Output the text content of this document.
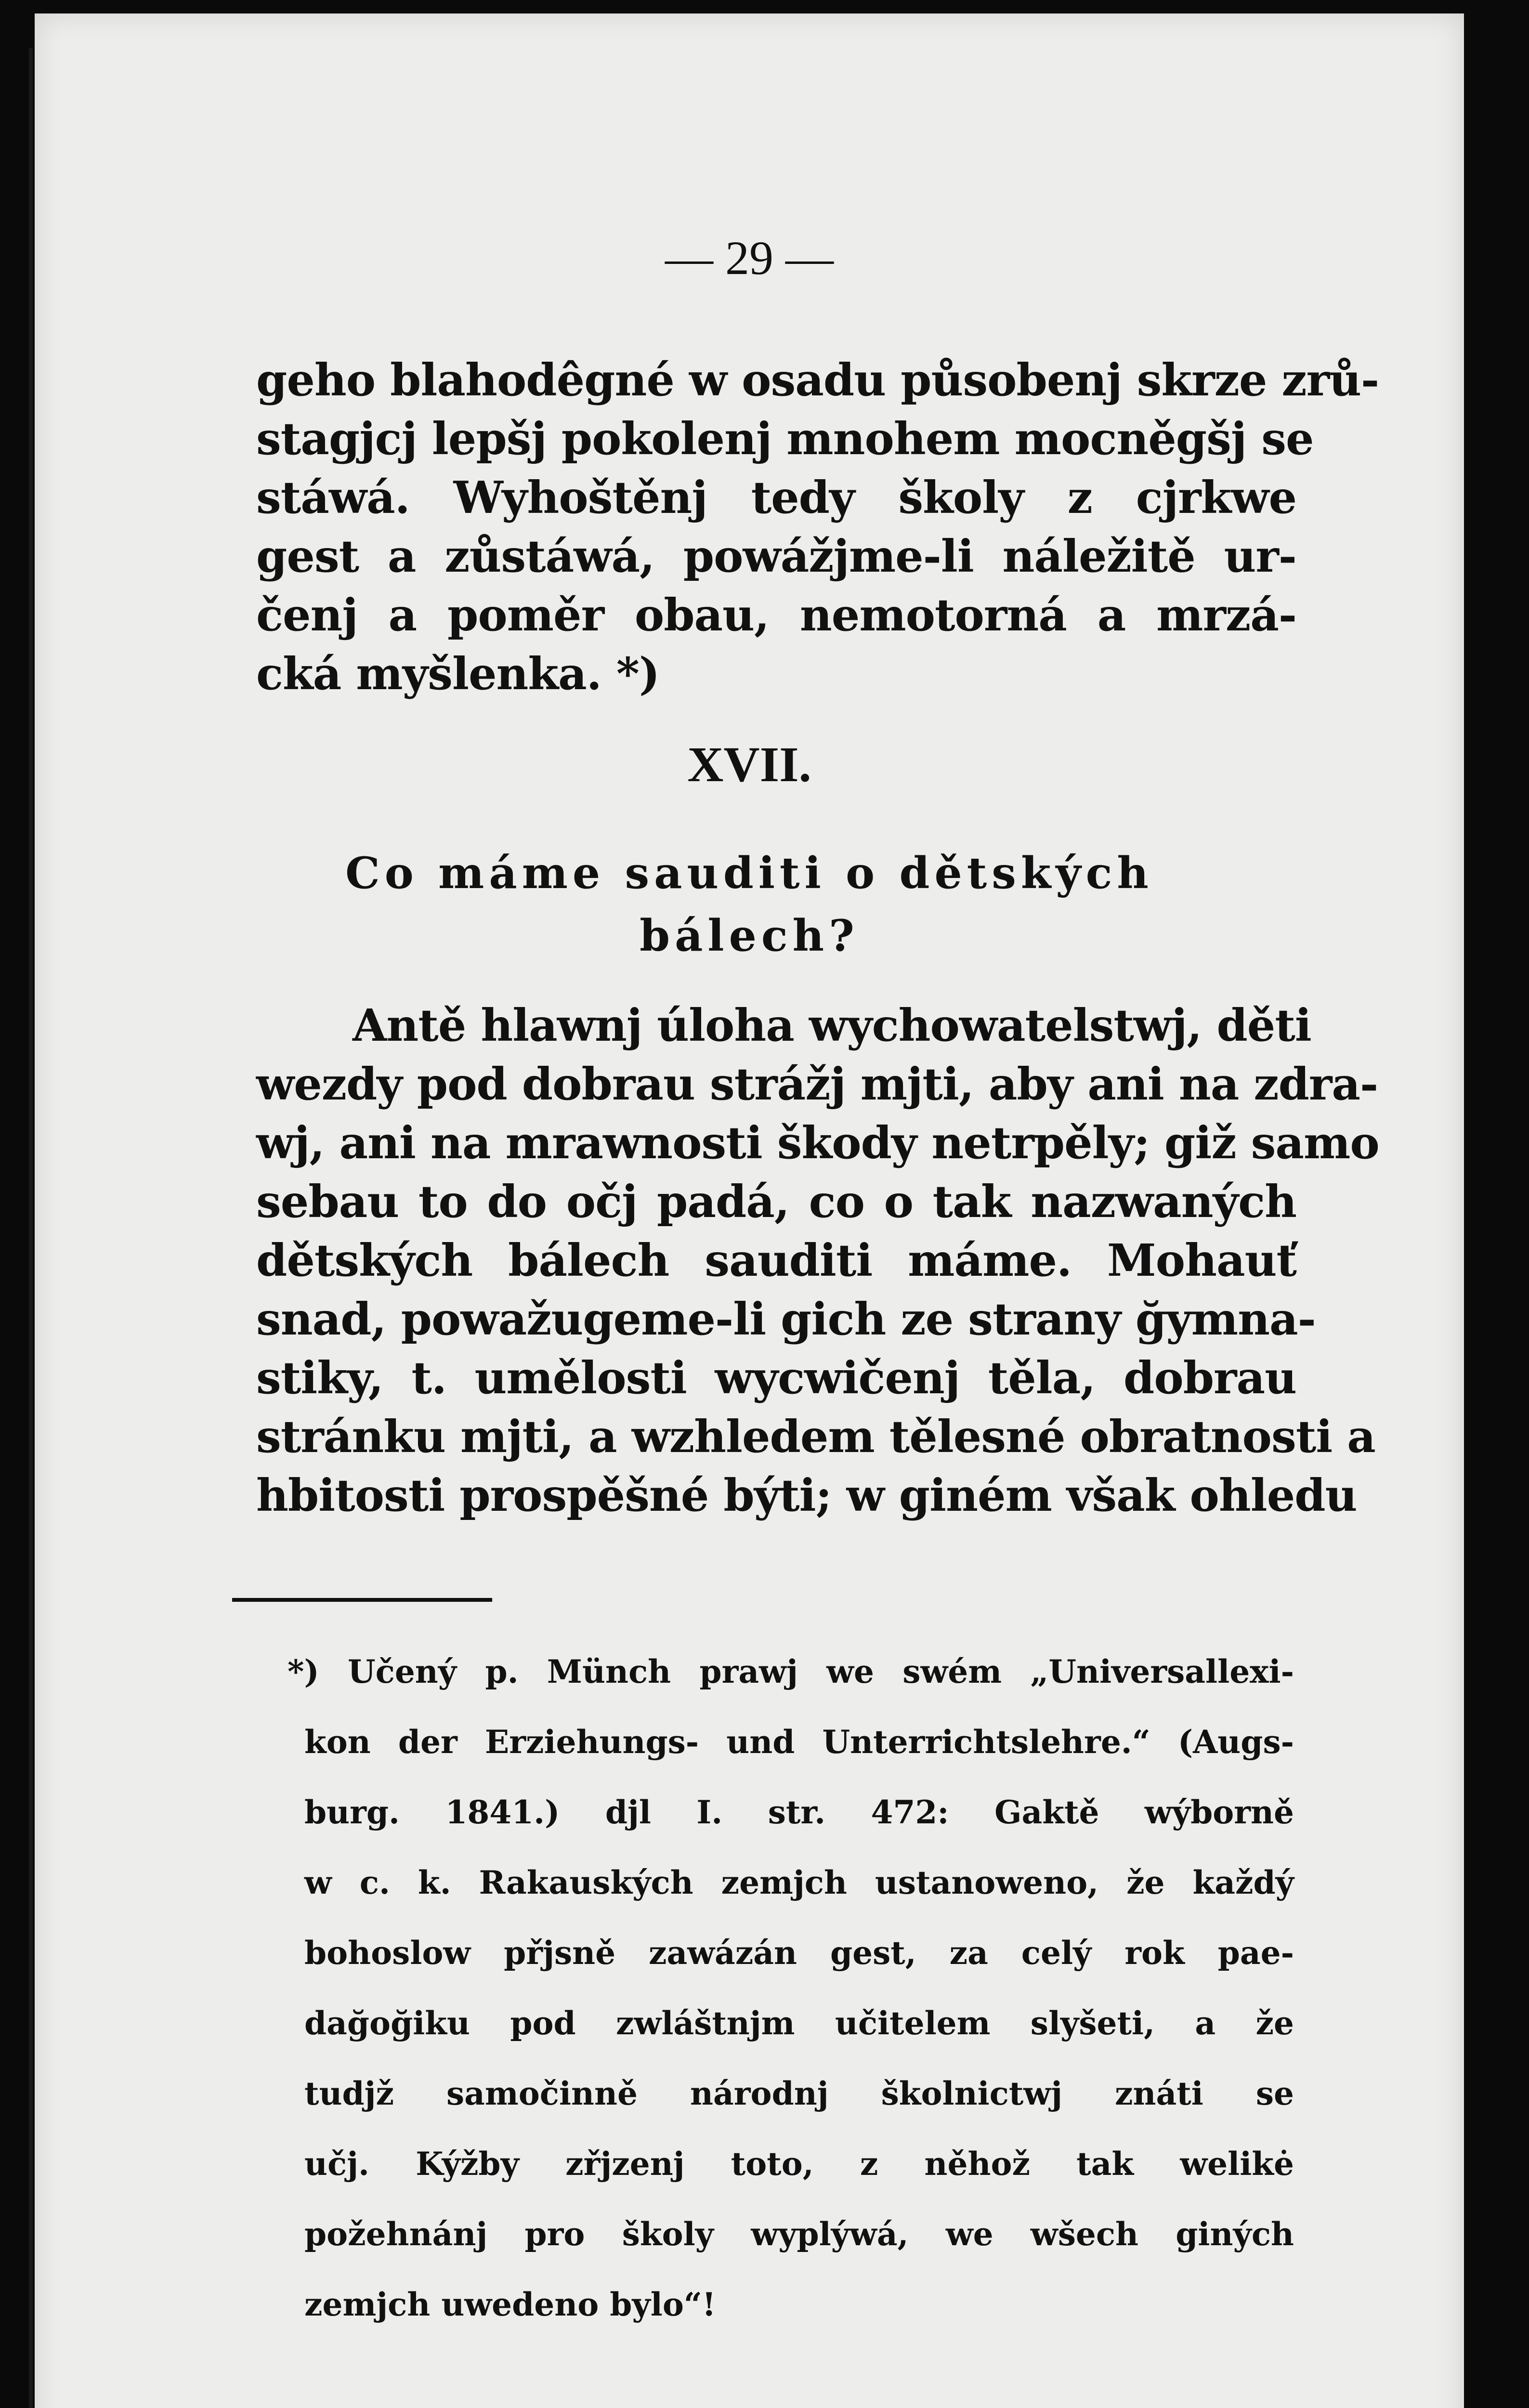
— 29 —
geho blahodêgné w osadu působenj skrze zrů-
stagjcj lepšj pokolenj mnohem mocněgšj se
stáwá. Wyhoštěnj tedy školy z cjrkwe
gest a zůstáwá, powážjme-li náležitě ur-
čenj a poměr obau, nemotorná a mrzá-
cká myšlenka. *)
XVII.
Co máme sauditi o dětských
bálech?
Antě hlawnj úloha wychowatelstwj, děti
wezdy pod dobrau strážj mjti, aby ani na zdra-
wj, ani na mrawnosti škody netrpěly; giž samo
sebau to do očj padá, co o tak nazwaných
dětských bálech sauditi máme. Mohauť
snad, powažugeme-li gich ze strany ğymna-
stiky, t. umělosti wycwičenj těla, dobrau
stránku mjti, a wzhledem tělesné obratnosti a
hbitosti prospěšné býti; w giném však ohledu
*) Učený p. Münch prawj we swém „Universallexi-
kon der Erziehungs- und Unterrichtslehre.“ (Augs-
burg. 1841.) djl I. str. 472: Gaktě wýborně
w c. k. Rakauských zemjch ustanoweno, že každý
bohoslow přjsně zawázán gest, za celý rok pae-
dağoğiku pod zwláštnjm učitelem slyšeti, a že
tudjž samočinně národnj školnictwj znáti se
učj. Kýžby zřjzenj toto, z něhož tak welikė
požehnánj pro školy wyplýwá, we wšech giných
zemjch uwedeno bylo“!
